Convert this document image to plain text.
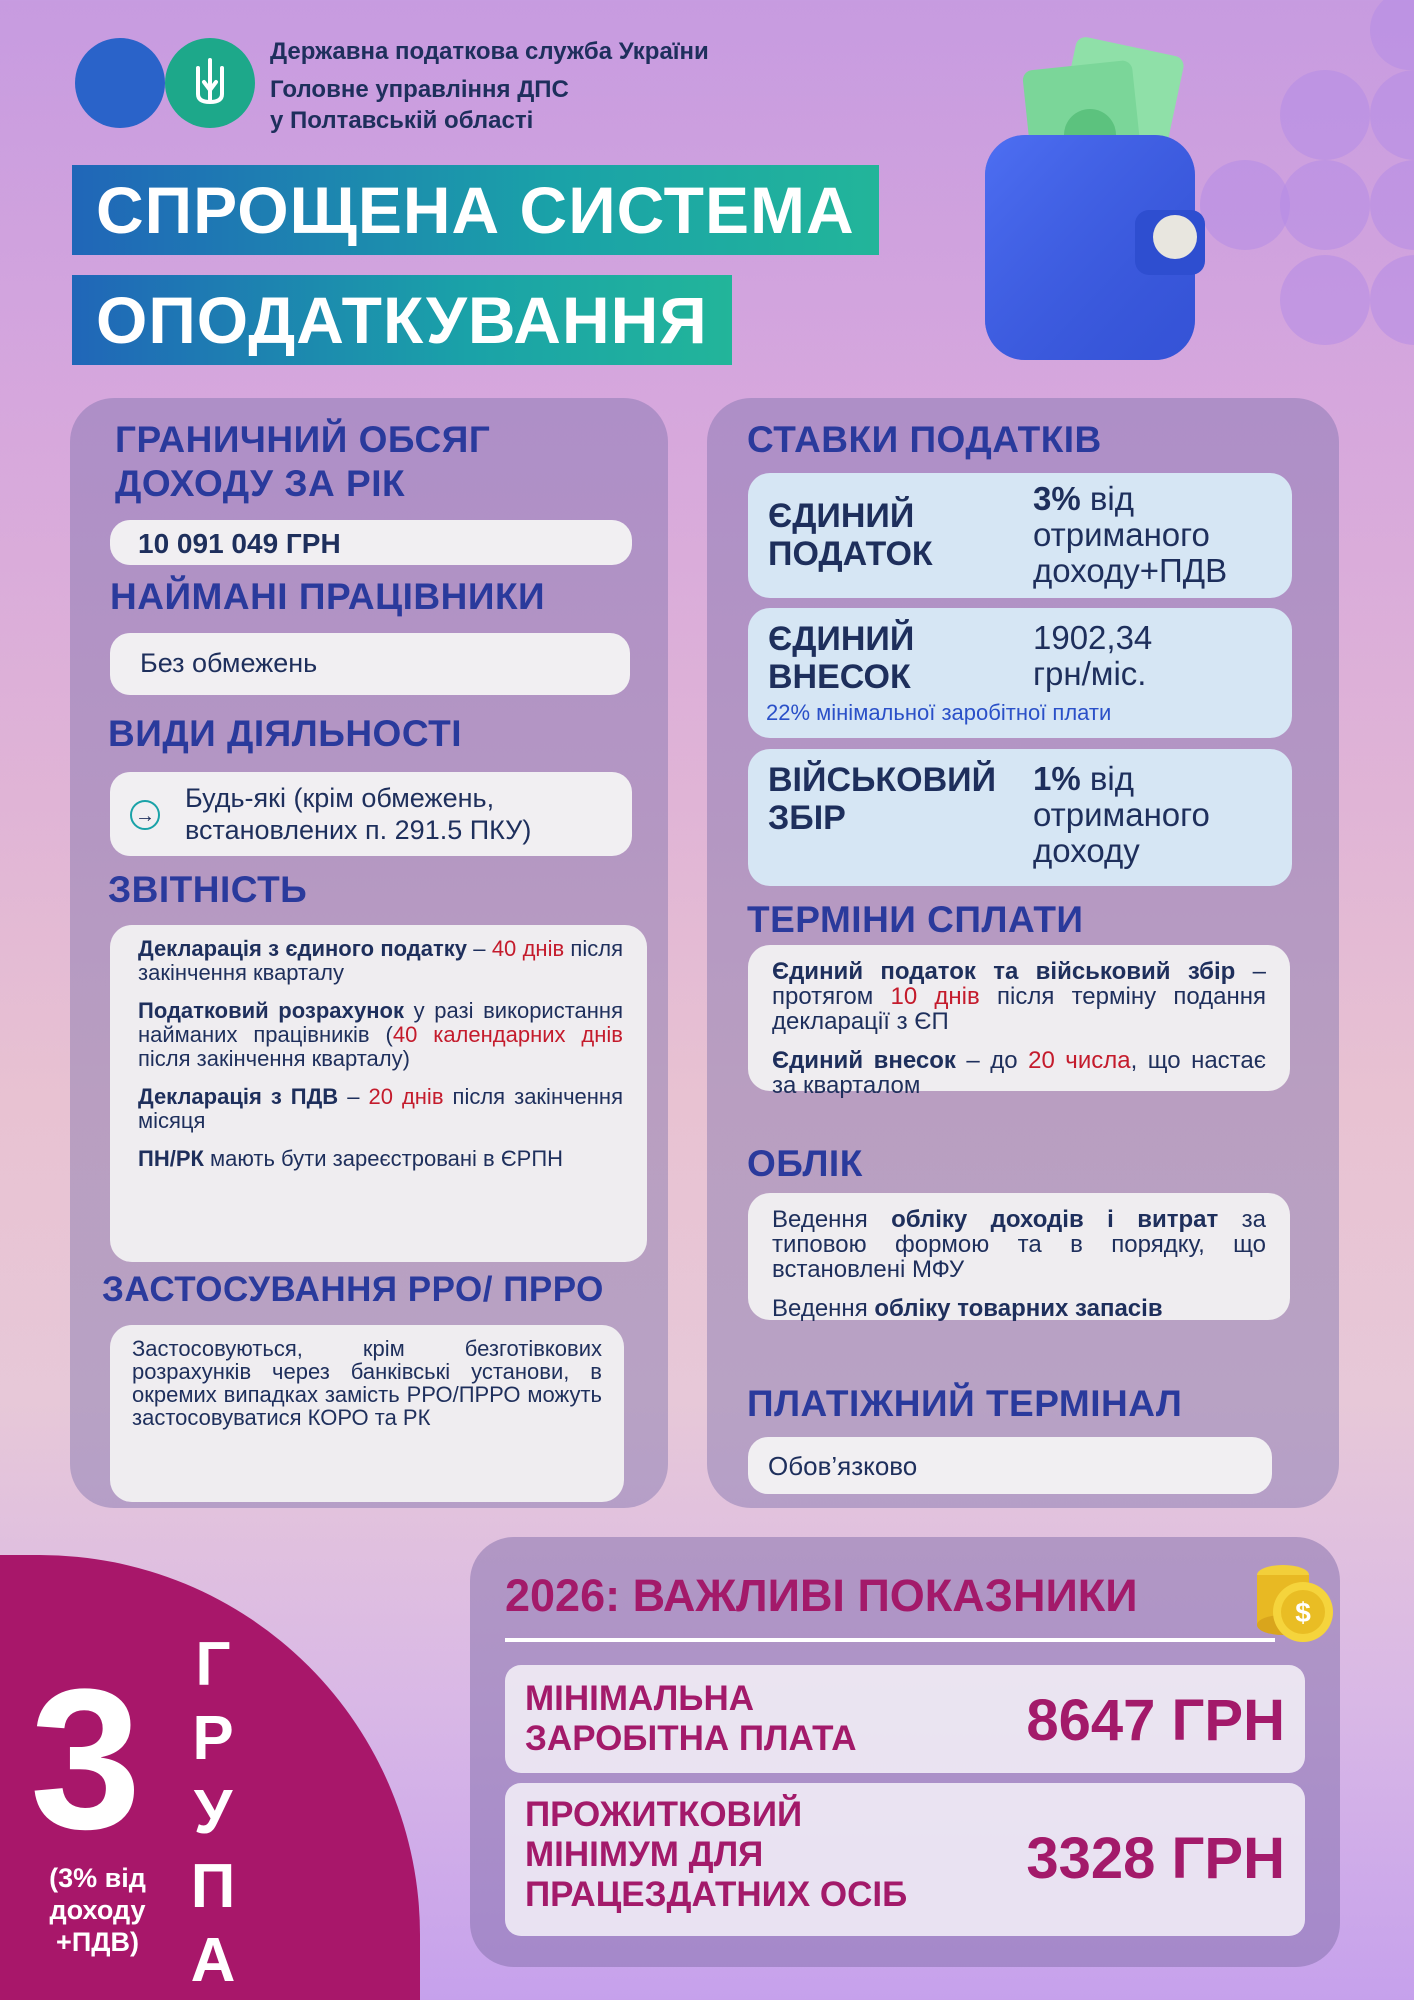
Державна податкова служба України
Головне управління ДПС
у Полтавській області
СПРОЩЕНА СИСТЕМА
ОПОДАТКУВАННЯ
ГРАНИЧНИЙ ОБСЯГ
ДОХОДУ ЗА РІК
10 091 049 ГРН
НАЙМАНІ ПРАЦІВНИКИ
Без обмежень
ВИДИ ДІЯЛЬНОСТІ
→
Будь-які (крім обмежень,
встановлених п. 291.5 ПКУ)
ЗВІТНІСТЬ

Декларація з єдиного податку – 40 днів після закінчення кварталу

Податковий розрахунок у разі використання найманих працівників (40 календарних днів після закінчення кварталу)

Декларація з ПДВ – 20 днів після закінчення місяця

ПН/РК мають бути зареєстровані в ЄРПН

ЗАСТОСУВАННЯ РРО/ ПРРО
Застосовуються, крім безготівкових розрахунків через банківські установи, в окремих випадках замість РРО/ПРРО можуть застосовуватися КОРО та РК
СТАВКИ ПОДАТКІВ
ЄДИНИЙ
ПОДАТОК
3% від
отриманого
доходу+ПДВ
ЄДИНИЙ
ВНЕСОК
1902,34
грн/міс.
22% мінімальної заробітної плати
ВІЙСЬКОВИЙ
ЗБІР
1% від
отриманого
доходу
ТЕРМІНИ СПЛАТИ

Єдиний податок та військовий збір – протягом 10 днів після терміну подання декларації з ЄП

Єдиний внесок – до 20 числа, що настає за кварталом

ОБЛІК

Ведення обліку доходів і витрат за типовою формою та в порядку, що встановлені МФУ

Ведення обліку товарних запасів

ПЛАТІЖНИЙ ТЕРМІНАЛ
Обов’язково
3 Г
Р
У
П
А
(3% від
доходу
+ПДВ)
2026: ВАЖЛИВІ ПОКАЗНИКИ	$
МІНІМАЛЬНА
ЗАРОБІТНА ПЛАТА	8647 ГРН
ПРОЖИТКОВИЙ
МІНІМУМ ДЛЯ
ПРАЦЕЗДАТНИХ ОСІБ
3328 ГРН
